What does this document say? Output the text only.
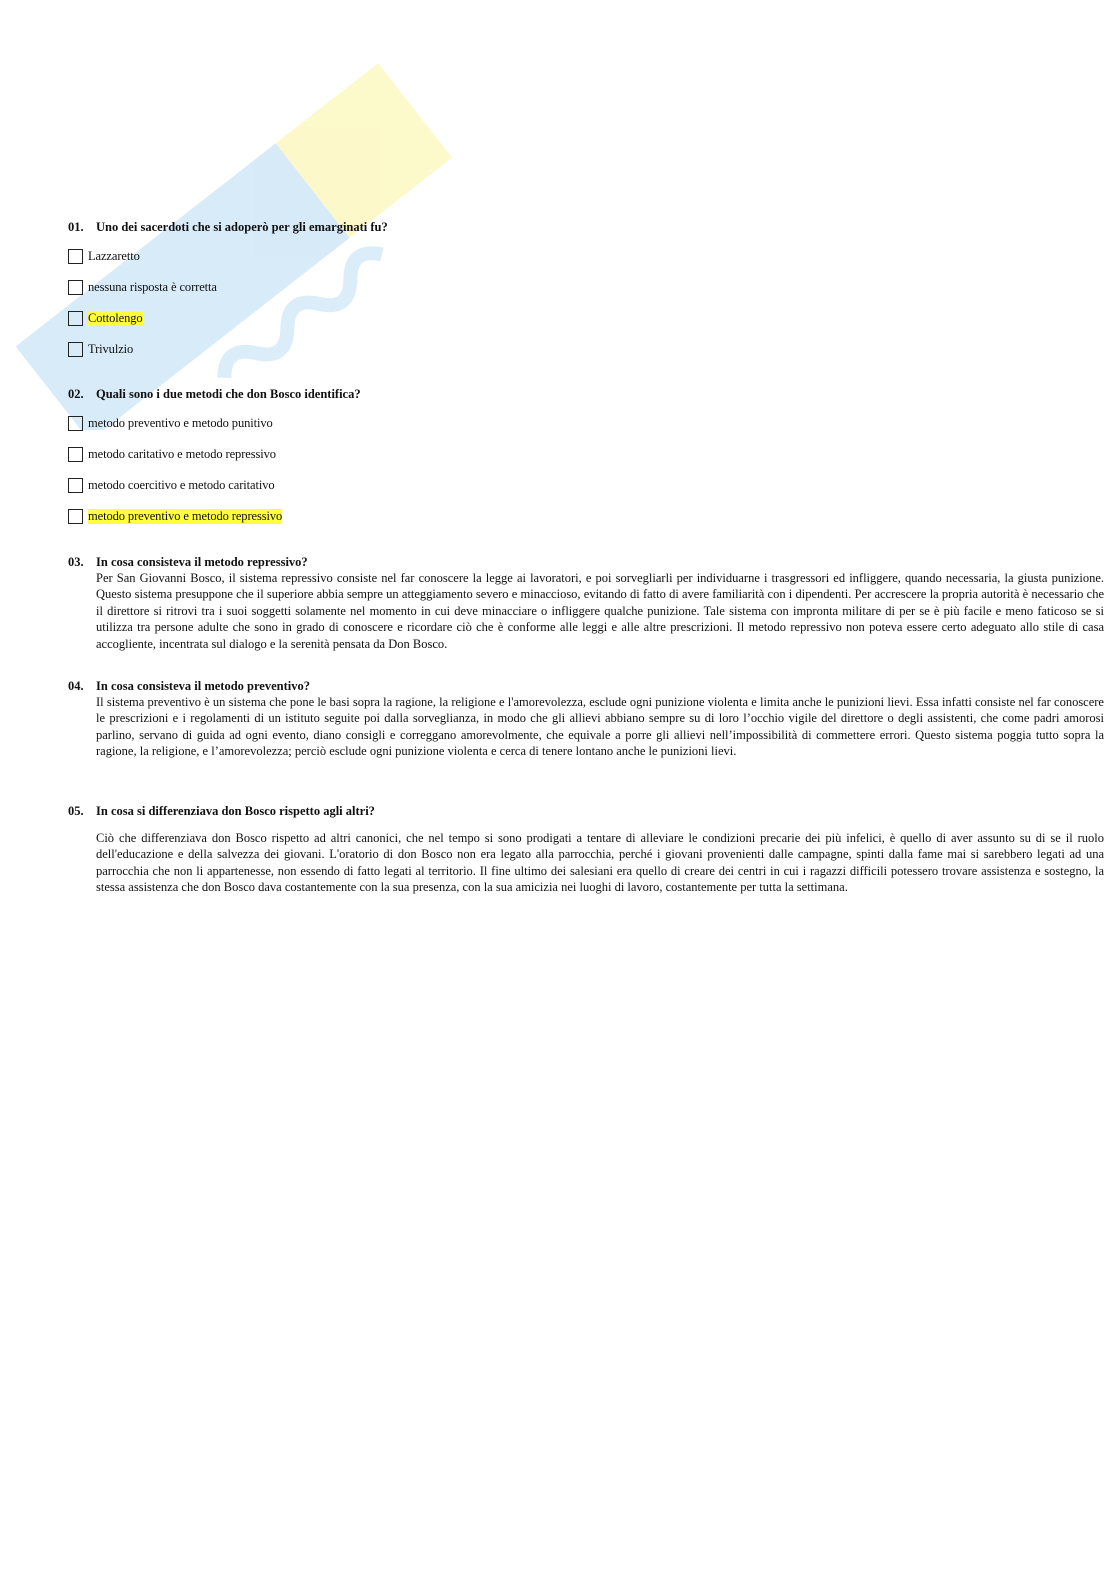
01. Uno dei sacerdoti che si adoperò per gli emarginati fu?

Lazzaretto
nessuna risposta è corretta
Cottolengo
Trivulzio

02. Quali sono i due metodi che don Bosco identifica?

metodo preventivo e metodo punitivo
metodo caritativo e metodo repressivo
metodo coercitivo e metodo caritativo
metodo preventivo e metodo repressivo

03. In cosa consisteva il metodo repressivo?

Per San Giovanni Bosco, il sistema repressivo consiste nel far conoscere la legge ai lavoratori, e poi sorvegliarli per individuarne i trasgressori ed infliggere, quando necessaria, la giusta punizione. Questo sistema presuppone che il superiore abbia sempre un atteggiamento severo e minaccioso, evitando di fatto di avere familiarità con i dipendenti. Per accrescere la propria autorità è necessario che il direttore si ritrovi tra i suoi soggetti solamente nel momento in cui deve minacciare o infliggere qualche punizione. Tale sistema con impronta militare di per se è più facile e meno faticoso se si utilizza tra persone adulte che sono in grado di conoscere e ricordare ciò che è conforme alle leggi e alle altre prescrizioni. Il metodo repressivo non poteva essere certo adeguato allo stile di casa accogliente, incentrata sul dialogo e la serenità pensata da Don Bosco.

04. In cosa consisteva il metodo preventivo?

Il sistema preventivo è un sistema che pone le basi sopra la ragione, la religione e l'amorevolezza, esclude ogni punizione violenta e limita anche le punizioni lievi. Essa infatti consiste nel far conoscere le prescrizioni e i regolamenti di un istituto seguite poi dalla sorveglianza, in modo che gli allievi abbiano sempre su di loro l’occhio vigile del direttore o degli assistenti, che come padri amorosi parlino, servano di guida ad ogni evento, diano consigli e correggano amorevolmente, che equivale a porre gli allievi nell’impossibilità di commettere errori. Questo sistema poggia tutto sopra la ragione, la religione, e l’amorevolezza; perciò esclude ogni punizione violenta e cerca di tenere lontano anche le punizioni lievi.

05. In cosa si differenziava don Bosco rispetto agli altri?

Ciò che differenziava don Bosco rispetto ad altri canonici, che nel tempo si sono prodigati a tentare di alleviare le condizioni precarie dei più infelici, è quello di aver assunto su di se il ruolo dell'educazione e della salvezza dei giovani. L'oratorio di don Bosco non era legato alla parrocchia, perché i giovani provenienti dalle campagne, spinti dalla fame mai si sarebbero legati ad una parrocchia che non li appartenesse, non essendo di fatto legati al territorio. Il fine ultimo dei salesiani era quello di creare dei centri in cui i ragazzi difficili potessero trovare assistenza e sostegno, la stessa assistenza che don Bosco dava costantemente con la sua presenza, con la sua amicizia nei luoghi di lavoro, costantemente per tutta la settimana.
